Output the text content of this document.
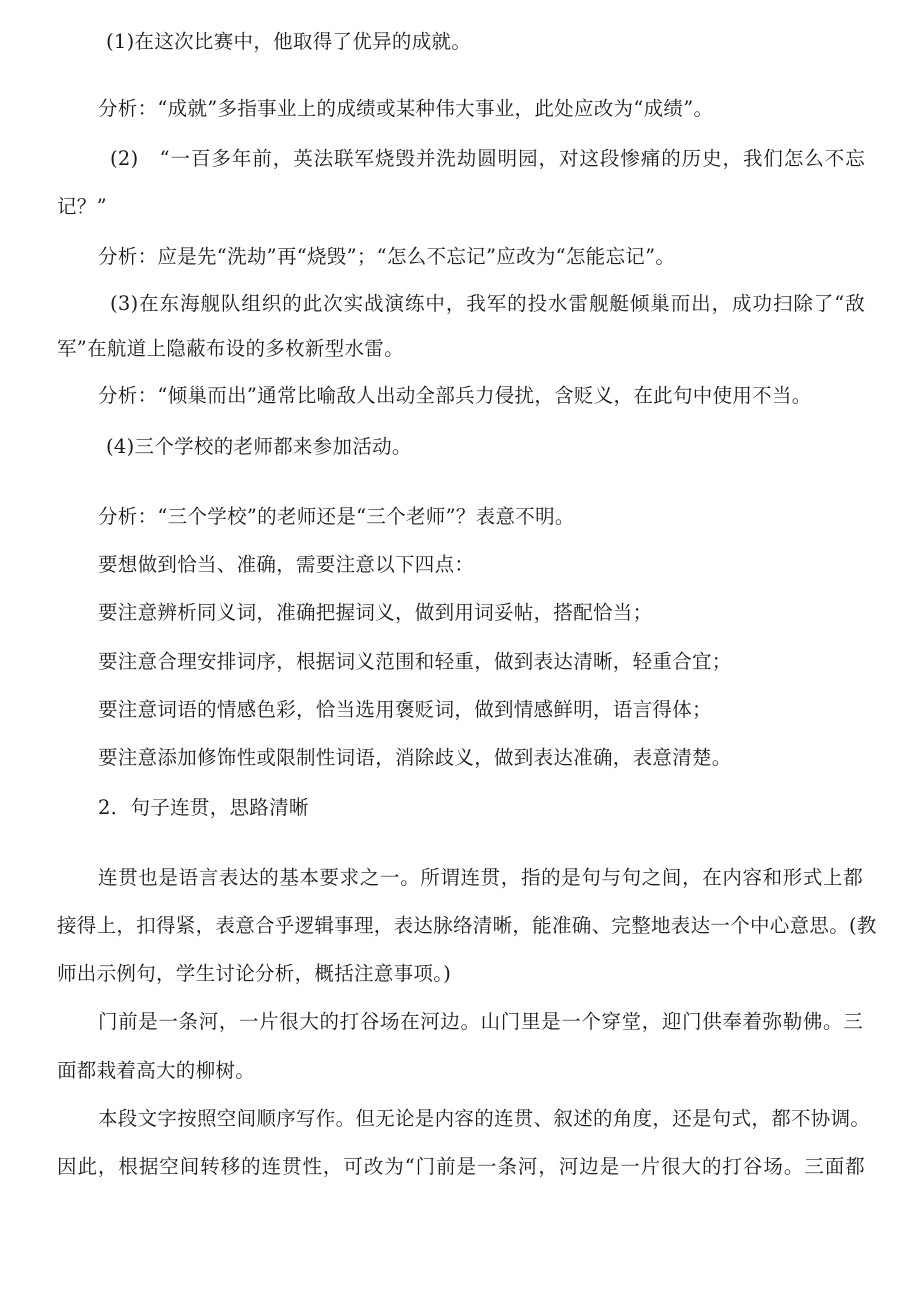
(1)在这次比赛中，他取得了优异的成就。
分析：“成就”多指事业上的成绩或某种伟大事业，此处应改为“成绩”。
(2)　“一百多年前，英法联军烧毁并洗劫圆明园，对这段惨痛的历史，我们怎么不忘
记？”
分析：应是先“洗劫”再“烧毁”；“怎么不忘记”应改为“怎能忘记”。
(3)在东海舰队组织的此次实战演练中，我军的投水雷舰艇倾巢而出，成功扫除了“敌
军”在航道上隐蔽布设的多枚新型水雷。
分析：“倾巢而出”通常比喻敌人出动全部兵力侵扰，含贬义，在此句中使用不当。
(4)三个学校的老师都来参加活动。
分析：“三个学校”的老师还是“三个老师”？表意不明。
要想做到恰当、准确，需要注意以下四点：
要注意辨析同义词，准确把握词义，做到用词妥帖，搭配恰当；
要注意合理安排词序，根据词义范围和轻重，做到表达清晰，轻重合宜；
要注意词语的情感色彩，恰当选用褒贬词，做到情感鲜明，语言得体；
要注意添加修饰性或限制性词语，消除歧义，做到表达准确，表意清楚。
2．句子连贯，思路清晰
连贯也是语言表达的基本要求之一。所谓连贯，指的是句与句之间，在内容和形式上都
接得上，扣得紧，表意合乎逻辑事理，表达脉络清晰，能准确、完整地表达一个中心意思。(教
师出示例句，学生讨论分析，概括注意事项。)
门前是一条河，一片很大的打谷场在河边。山门里是一个穿堂，迎门供奉着弥勒佛。三
面都栽着高大的柳树。
本段文字按照空间顺序写作。但无论是内容的连贯、叙述的角度，还是句式，都不协调。
因此，根据空间转移的连贯性，可改为“门前是一条河，河边是一片很大的打谷场。三面都
